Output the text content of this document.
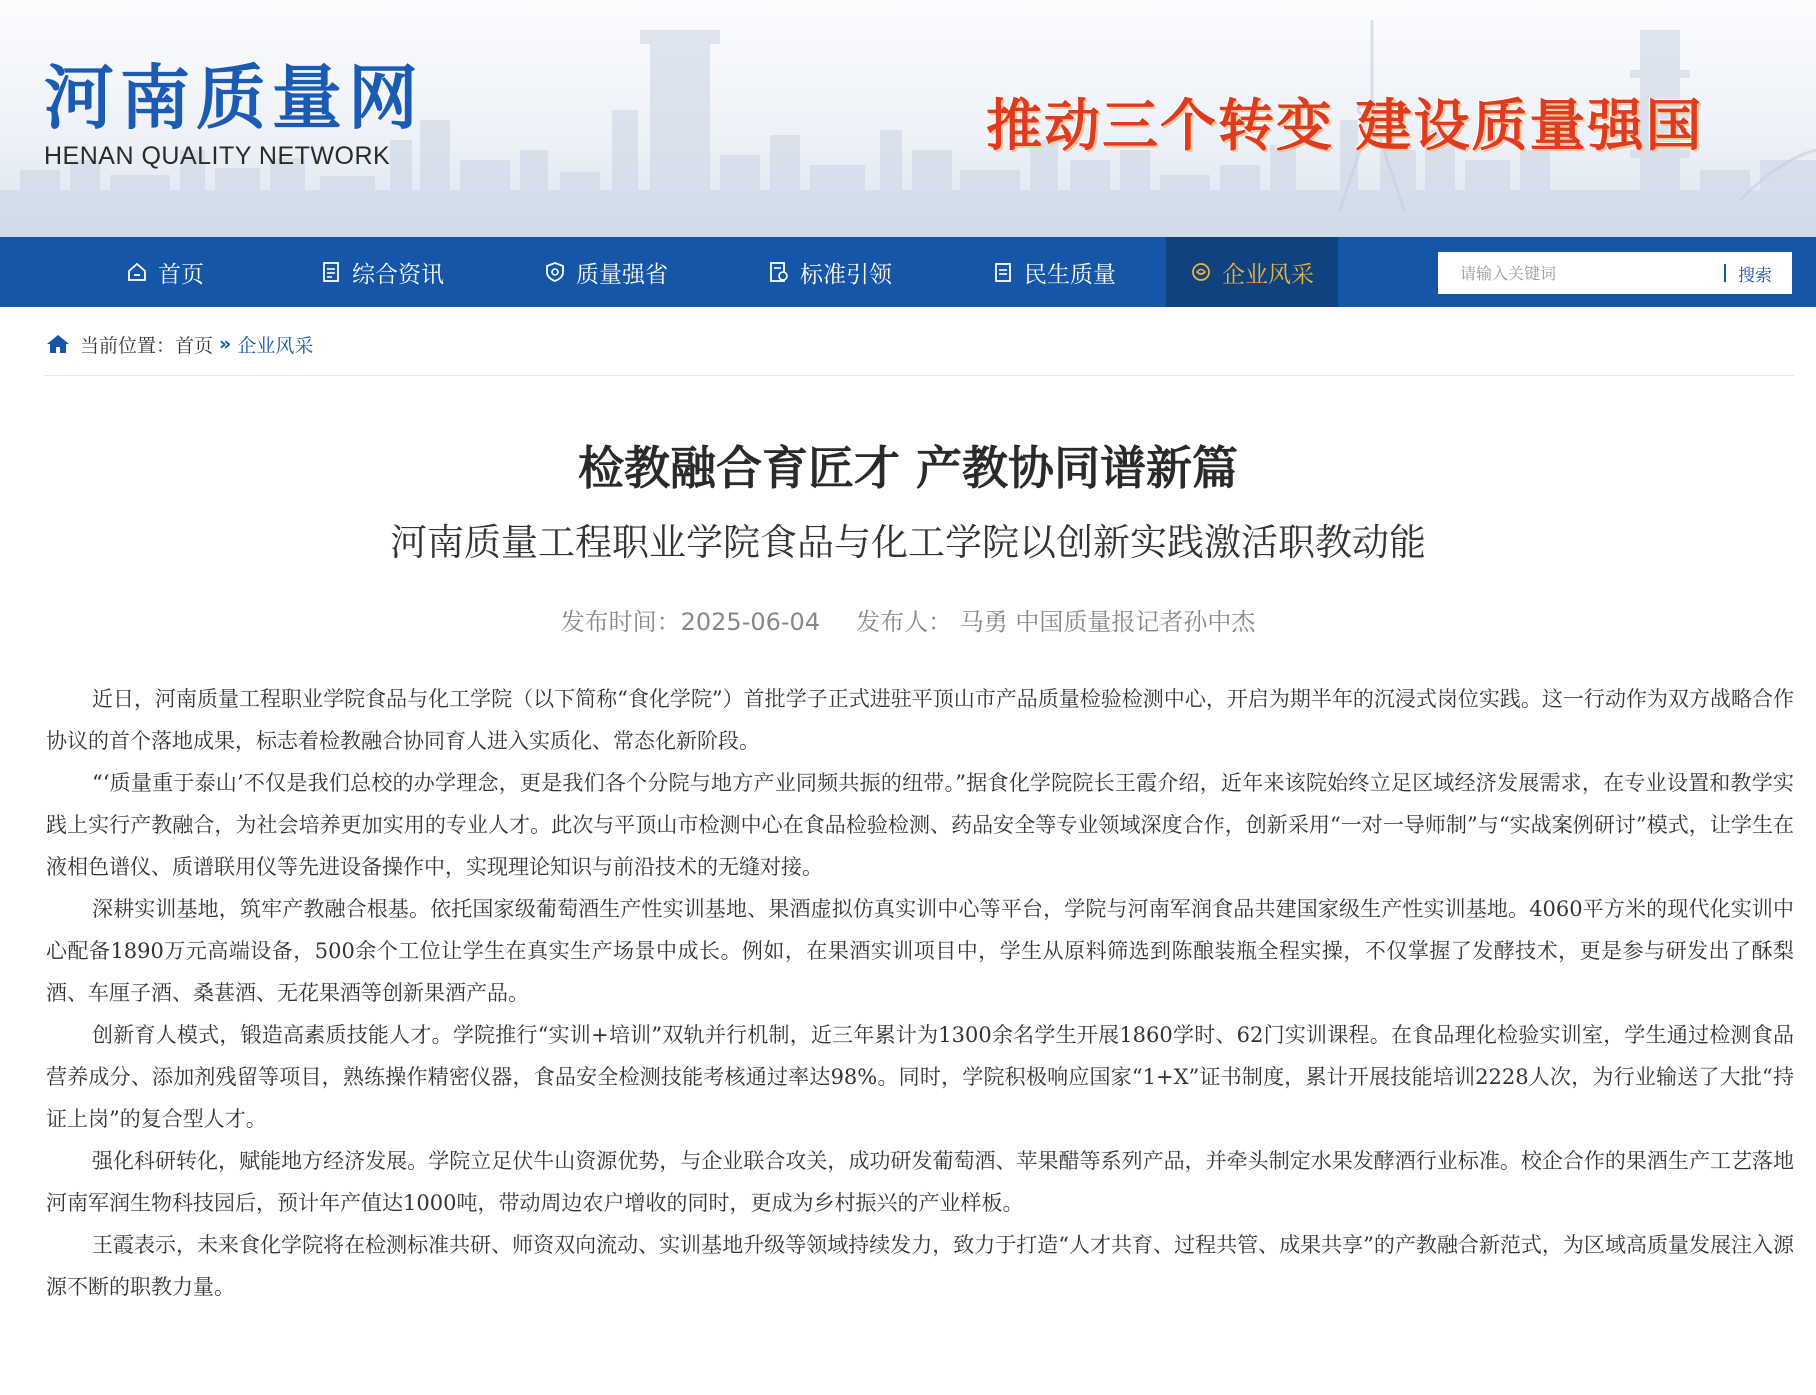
河南质量网
HENAN QUALITY NETWORK	推动三个转变 建设质量强国
首页	综合资讯	质量强省	标准引领	民生质量	企业风采
请输入关键词	搜索
当前位置： 首页 » 企业风采
检教融合育匠才 产教协同谱新篇
河南质量工程职业学院食品与化工学院以创新实践激活职教动能
发布时间：2025-06-04 发布人： 马勇 中国质量报记者孙中杰

近日，河南质量工程职业学院食品与化工学院（以下简称“食化学院”）首批学子正式进驻平顶山市产品质量检验检测中心，开启为期半年的沉浸式岗位实践。这一行动作为双方战略合作协议的首个落地成果，标志着检教融合协同育人进入实质化、常态化新阶段。

“‘质量重于泰山’不仅是我们总校的办学理念，更是我们各个分院与地方产业同频共振的纽带。”据食化学院院长王霞介绍，近年来该院始终立足区域经济发展需求，在专业设置和教学实践上实行产教融合，为社会培养更加实用的专业人才。此次与平顶山市检测中心在食品检验检测、药品安全等专业领域深度合作，创新采用“一对一导师制”与“实战案例研讨”模式，让学生在液相色谱仪、质谱联用仪等先进设备操作中，实现理论知识与前沿技术的无缝对接。

深耕实训基地，筑牢产教融合根基。依托国家级葡萄酒生产性实训基地、果酒虚拟仿真实训中心等平台，学院与河南军润食品共建国家级生产性实训基地。4060平方米的现代化实训中心配备1890万元高端设备，500余个工位让学生在真实生产场景中成长。例如，在果酒实训项目中，学生从原料筛选到陈酿装瓶全程实操，不仅掌握了发酵技术，更是参与研发出了酥梨酒、车厘子酒、桑葚酒、无花果酒等创新果酒产品。

创新育人模式，锻造高素质技能人才。学院推行“实训+培训”双轨并行机制，近三年累计为1300余名学生开展1860学时、62门实训课程。在食品理化检验实训室，学生通过检测食品营养成分、添加剂残留等项目，熟练操作精密仪器，食品安全检测技能考核通过率达98%。同时，学院积极响应国家“1+X”证书制度，累计开展技能培训2228人次，为行业输送了大批“持证上岗”的复合型人才。

强化科研转化，赋能地方经济发展。学院立足伏牛山资源优势，与企业联合攻关，成功研发葡萄酒、苹果醋等系列产品，并牵头制定水果发酵酒行业标准。校企合作的果酒生产工艺落地河南军润生物科技园后，预计年产值达1000吨，带动周边农户增收的同时，更成为乡村振兴的产业样板。

王霞表示，未来食化学院将在检测标准共研、师资双向流动、实训基地升级等领域持续发力，致力于打造“人才共育、过程共管、成果共享”的产教融合新范式，为区域高质量发展注入源源不断的职教力量。
